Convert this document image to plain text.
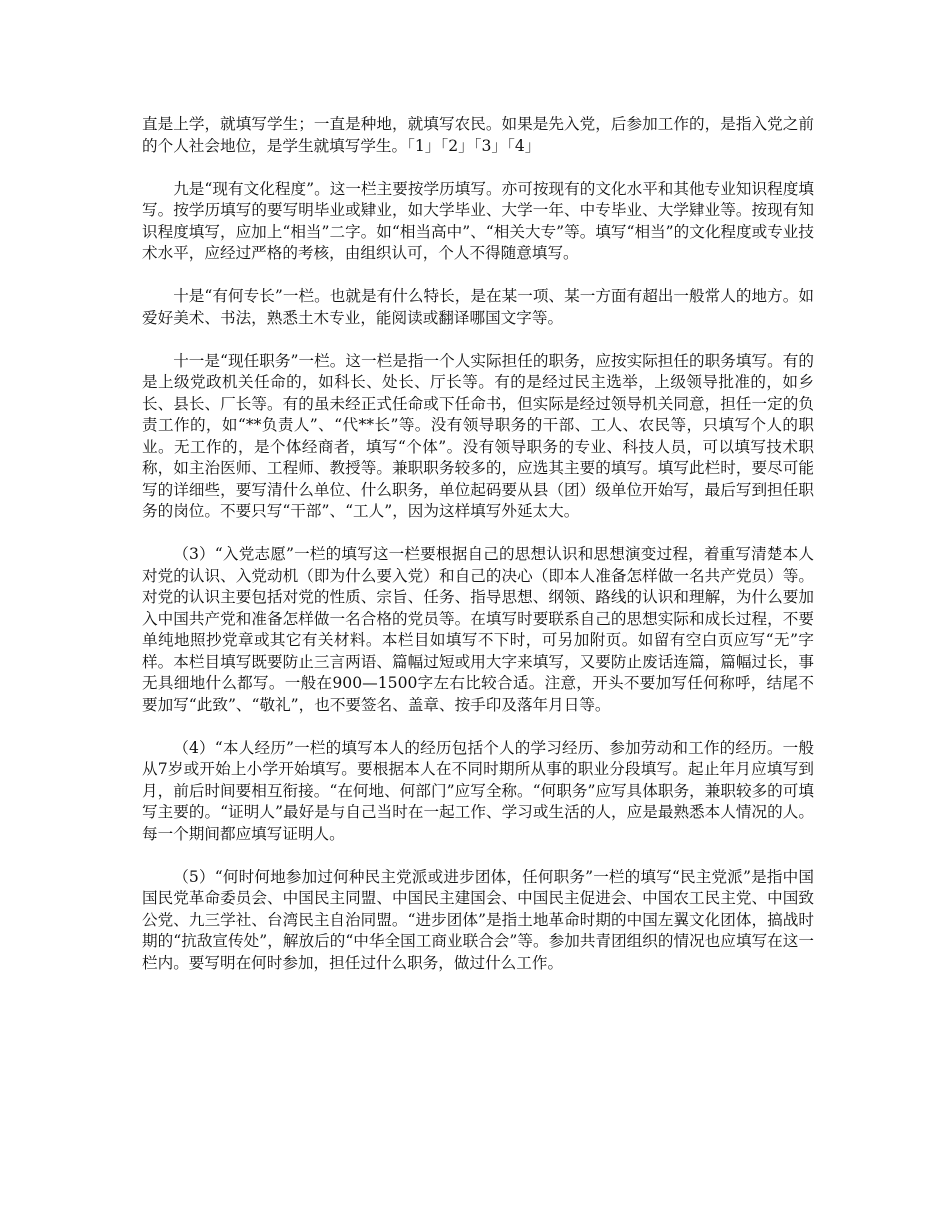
直是上学，就填写学生；一直是种地，就填写农民。如果是先入党，后参加工作的，是指入党之前的个人社会地位，是学生就填写学生。「1」「2」「3」「4」

九是“现有文化程度”。这一栏主要按学历填写。亦可按现有的文化水平和其他专业知识程度填写。按学历填写的要写明毕业或肄业，如大学毕业、大学一年、中专毕业、大学肄业等。按现有知识程度填写，应加上“相当”二字。如“相当高中”、“相关大专”等。填写“相当”的文化程度或专业技术水平，应经过严格的考核，由组织认可，个人不得随意填写。

十是“有何专长”一栏。也就是有什么特长，是在某一项、某一方面有超出一般常人的地方。如爱好美术、书法，熟悉土木专业，能阅读或翻译哪国文字等。

十一是“现任职务”一栏。这一栏是指一个人实际担任的职务，应按实际担任的职务填写。有的是上级党政机关任命的，如科长、处长、厅长等。有的是经过民主选举，上级领导批准的，如乡长、县长、厂长等。有的虽未经正式任命或下任命书，但实际是经过领导机关同意，担任一定的负责工作的，如“**负责人”、“代**长”等。没有领导职务的干部、工人、农民等，只填写个人的职业。无工作的，是个体经商者，填写“个体”。没有领导职务的专业、科技人员，可以填写技术职称，如主治医师、工程师、教授等。兼职职务较多的，应选其主要的填写。填写此栏时，要尽可能写的详细些，要写清什么单位、什么职务，单位起码要从县（团）级单位开始写，最后写到担任职务的岗位。不要只写“干部”、“工人”，因为这样填写外延太大。

（3）“入党志愿”一栏的填写这一栏要根据自己的思想认识和思想演变过程，着重写清楚本人对党的认识、入党动机（即为什么要入党）和自己的决心（即本人准备怎样做一名共产党员）等。对党的认识主要包括对党的性质、宗旨、任务、指导思想、纲领、路线的认识和理解，为什么要加入中国共产党和准备怎样做一名合格的党员等。在填写时要联系自己的思想实际和成长过程，不要单纯地照抄党章或其它有关材料。本栏目如填写不下时，可另加附页。如留有空白页应写“无”字样。本栏目填写既要防止三言两语、篇幅过短或用大字来填写，又要防止废话连篇，篇幅过长，事无具细地什么都写。一般在900—1500字左右比较合适。注意，开头不要加写任何称呼，结尾不要加写“此致”、“敬礼”，也不要签名、盖章、按手印及落年月日等。

（4）“本人经历”一栏的填写本人的经历包括个人的学习经历、参加劳动和工作的经历。一般从7岁或开始上小学开始填写。要根据本人在不同时期所从事的职业分段填写。起止年月应填写到月，前后时间要相互衔接。“在何地、何部门”应写全称。“何职务”应写具体职务，兼职较多的可填写主要的。“证明人”最好是与自己当时在一起工作、学习或生活的人，应是最熟悉本人情况的人。每一个期间都应填写证明人。

（5）“何时何地参加过何种民主党派或进步团体，任何职务”一栏的填写“民主党派”是指中国国民党革命委员会、中国民主同盟、中国民主建国会、中国民主促进会、中国农工民主党、中国致公党、九三学社、台湾民主自治同盟。“进步团体”是指土地革命时期的中国左翼文化团体，搞战时期的“抗敌宣传处”，解放后的“中华全国工商业联合会”等。参加共青团组织的情况也应填写在这一栏内。要写明在何时参加，担任过什么职务，做过什么工作。
